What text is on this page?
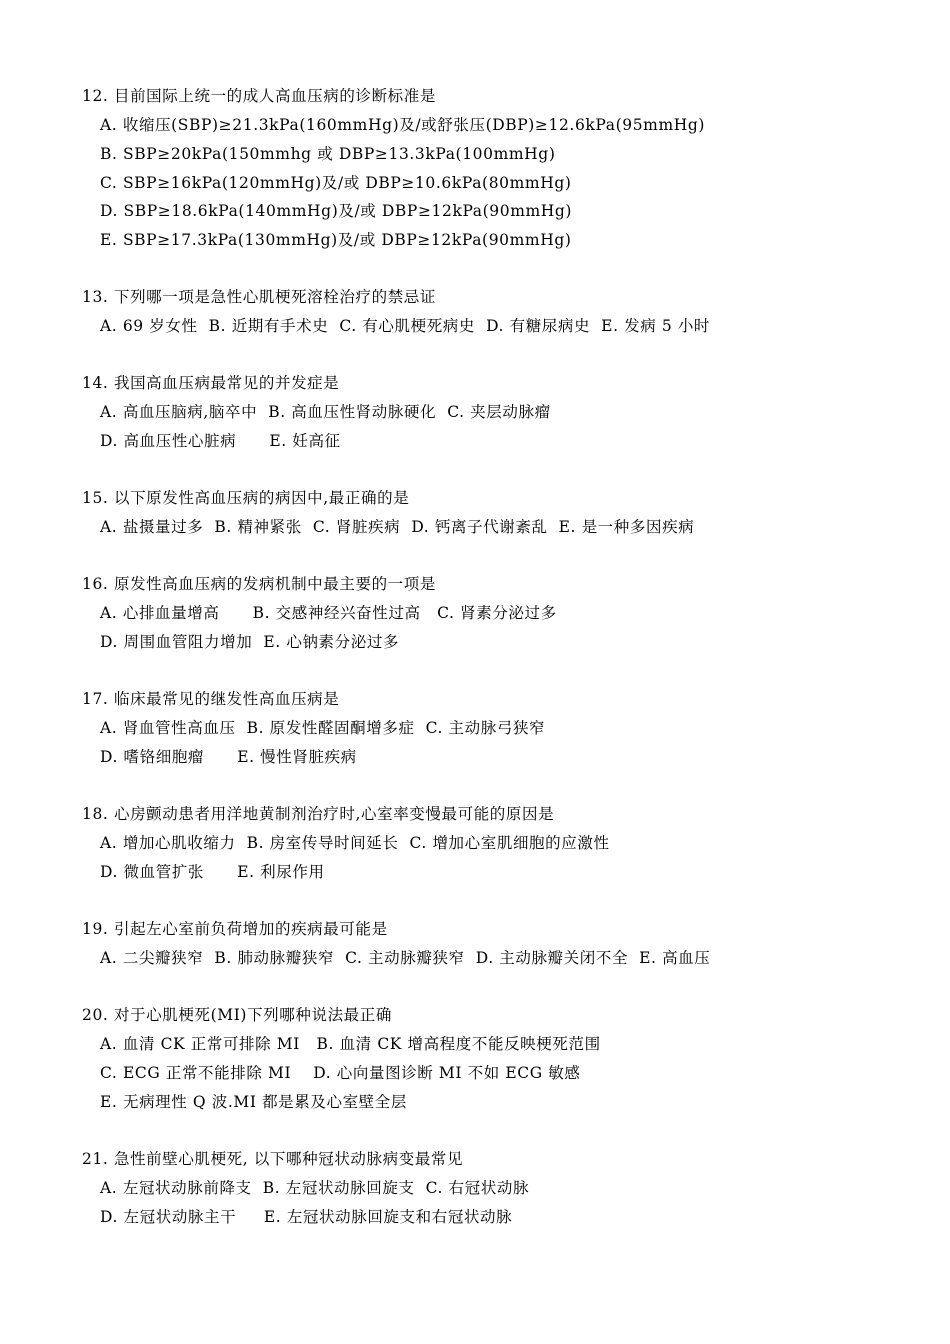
12. 目前国际上统一的成人高血压病的诊断标准是
A. 收缩压(SBP)≥21.3kPa(160mmHg)及/或舒张压(DBP)≥12.6kPa(95mmHg)
B. SBP≥20kPa(150mmhg 或 DBP≥13.3kPa(100mmHg)
C. SBP≥16kPa(120mmHg)及/或 DBP≥10.6kPa(80mmHg)
D. SBP≥18.6kPa(140mmHg)及/或 DBP≥12kPa(90mmHg)
E. SBP≥17.3kPa(130mmHg)及/或 DBP≥12kPa(90mmHg)
13. 下列哪一项是急性心肌梗死溶栓治疗的禁忌证
A. 69 岁女性  B. 近期有手术史  C. 有心肌梗死病史  D. 有糖尿病史  E. 发病 5 小时
14. 我国高血压病最常见的并发症是
A. 高血压脑病,脑卒中  B. 高血压性肾动脉硬化  C. 夹层动脉瘤
D. 高血压性心脏病      E. 妊高征
15. 以下原发性高血压病的病因中,最正确的是
A. 盐摄量过多  B. 精神紧张  C. 肾脏疾病  D. 钙离子代谢紊乱  E. 是一种多因疾病
16. 原发性高血压病的发病机制中最主要的一项是
A. 心排血量增高      B. 交感神经兴奋性过高   C. 肾素分泌过多
D. 周围血管阻力增加  E. 心钠素分泌过多
17. 临床最常见的继发性高血压病是
A. 肾血管性高血压  B. 原发性醛固酮增多症  C. 主动脉弓狭窄
D. 嗜铬细胞瘤      E. 慢性肾脏疾病
18. 心房颤动患者用洋地黄制剂治疗时,心室率变慢最可能的原因是
A. 增加心肌收缩力  B. 房室传导时间延长  C. 增加心室肌细胞的应激性
D. 微血管扩张      E. 利尿作用
19. 引起左心室前负荷增加的疾病最可能是
A. 二尖瓣狭窄  B. 肺动脉瓣狭窄  C. 主动脉瓣狭窄  D. 主动脉瓣关闭不全  E. 高血压
20. 对于心肌梗死(MI)下列哪种说法最正确
A. 血清 CK 正常可排除 MI   B. 血清 CK 增高程度不能反映梗死范围
C. ECG 正常不能排除 MI    D. 心向量图诊断 MI 不如 ECG 敏感
E. 无病理性 Q 波.MI 都是累及心室壁全层
21. 急性前壁心肌梗死, 以下哪种冠状动脉病变最常见
A. 左冠状动脉前降支  B. 左冠状动脉回旋支  C. 右冠状动脉
D. 左冠状动脉主干     E. 左冠状动脉回旋支和右冠状动脉
